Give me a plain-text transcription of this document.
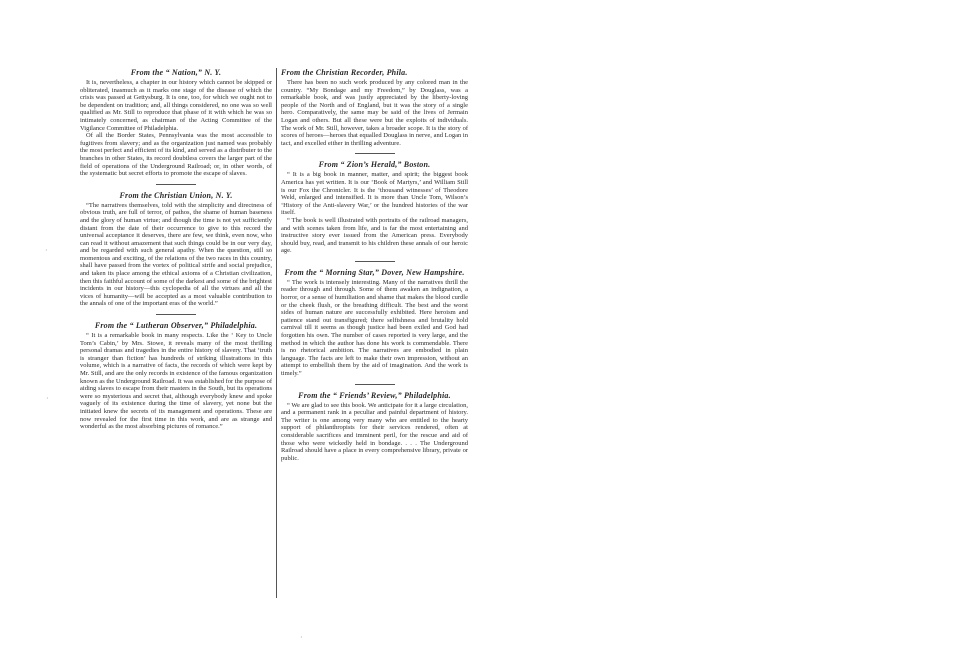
·
·
·
From the “ Nation,” N. Y.

It is, nevertheless, a chapter in our history which cannot be skipped or obliterated, inasmuch as it marks one stage of the disease of which the crisis was passed at Gettysburg. It is one, too, for which we ought not to be dependent on tradition; and, all things considered, no one was so well qualified as Mr. Still to reproduce that phase of it with which he was so intimately concerned, as chairman of the Acting Committee of the Vigilance Committee of Philadelphia.

Of all the Border States, Pennsylvania was the most accessible to fugitives from slavery; and as the organization just named was probably the most perfect and efficient of its kind, and served as a distributer to the branches in other States, its record doubtless covers the larger part of the field of operations of the Underground Railroad; or, in other words, of the systematic but secret efforts to promote the escape of slaves.

From the Christian Union, N. Y.

“The narratives themselves, told with the simplicity and directness of obvious truth, are full of terror, of pathos, the shame of human baseness and the glory of human virtue; and though the time is not yet sufficiently distant from the date of their occurrence to give to this record the universal acceptance it deserves, there are few, we think, even now, who can read it without amazement that such things could be in our very day, and be regarded with such general apathy. When the question, still so momentous and exciting, of the relations of the two races in this country, shall have passed from the vortex of political strife and social prejudice, and taken its place among the ethical axioms of a Christian civilization, then this faithful account of some of the darkest and some of the brightest incidents in our history—this cyclopedia of all the virtues and all the vices of humanity—will be accepted as a most valuable contribution to the annals of one of the important eras of the world.”

From the “ Lutheran Observer,” Philadelphia.

“ It is a remarkable book in many respects. Like the ‘ Key to Uncle Tom’s Cabin,’ by Mrs. Stowe, it reveals many of the most thrilling personal dramas and tragedies in the entire history of slavery. That ‘truth is stranger than fiction’ has hundreds of striking illustrations in this volume, which is a narrative of facts, the records of which were kept by Mr. Still, and are the only records in existence of the famous organization known as the Underground Railroad. It was established for the purpose of aiding slaves to escape from their masters in the South, but its operations were so mysterious and secret that, although everybody knew and spoke vaguely of its existence during the time of slavery, yet none but the initiated knew the secrets of its management and operations. These are now revealed for the first time in this work, and are as strange and wonderful as the most absorbing pictures of romance.”

From the Christian Recorder, Phila.

There has been no such work produced by any colored man in the country. “My Bondage and my Freedom,” by Douglass, was a remarkable book, and was justly appreciated by the liberty-loving people of the North and of England, but it was the story of a single hero. Comparatively, the same may be said of the lives of Jermain Logan and others. But all these were but the exploits of individuals. The work of Mr. Still, however, takes a broader scope. It is the story of scores of heroes—heroes that equalled Douglass in nerve, and Logan in tact, and excelled either in thrilling adventure.

From “ Zion’s Herald,” Boston.

“ It is a big book in manner, matter, and spirit; the biggest book America has yet written. It is our ‘Book of Martyrs,’ and William Still is our Fox the Chronicler. It is the ‘thousand witnesses’ of Theodore Weld, enlarged and intensified. It is more than Uncle Tom, Wilson’s ‘History of the Anti-slavery War,’ or the hundred histories of the war itself.

“ The book is well illustrated with portraits of the railroad managers, and with scenes taken from life, and is far the most entertaining and instructive story ever issued from the American press. Everybody should buy, read, and transmit to his children these annals of our heroic age.

From the “ Morning Star,” Dover, New Hampshire.

“ The work is intensely interesting. Many of the narratives thrill the reader through and through. Some of them awaken an indignation, a horror, or a sense of humiliation and shame that makes the blood curdle or the cheek flush, or the breathing difficult. The best and the worst sides of human nature are successfully exhibited. Here heroism and patience stand out transfigured; there selfishness and brutality hold carnival till it seems as though justice had been exiled and God had forgotten his own. The number of cases reported is very large, and the method in which the author has done his work is commendable. There is no rhetorical ambition. The narratives are embodied in plain language. The facts are left to make their own impression, without an attempt to embellish them by the aid of imagination. And the work is timely.”

From the “ Friends’ Review,” Philadelphia.

“ We are glad to see this book. We anticipate for it a large circulation, and a permanent rank in a peculiar and painful department of history. The writer is one among very many who are entitled to the hearty support of philanthropists for their services rendered, often at considerable sacrifices and imminent peril, for the rescue and aid of those who were wickedly held in bondage. . . . The Underground Railroad should have a place in every comprehensive library, private or public.
